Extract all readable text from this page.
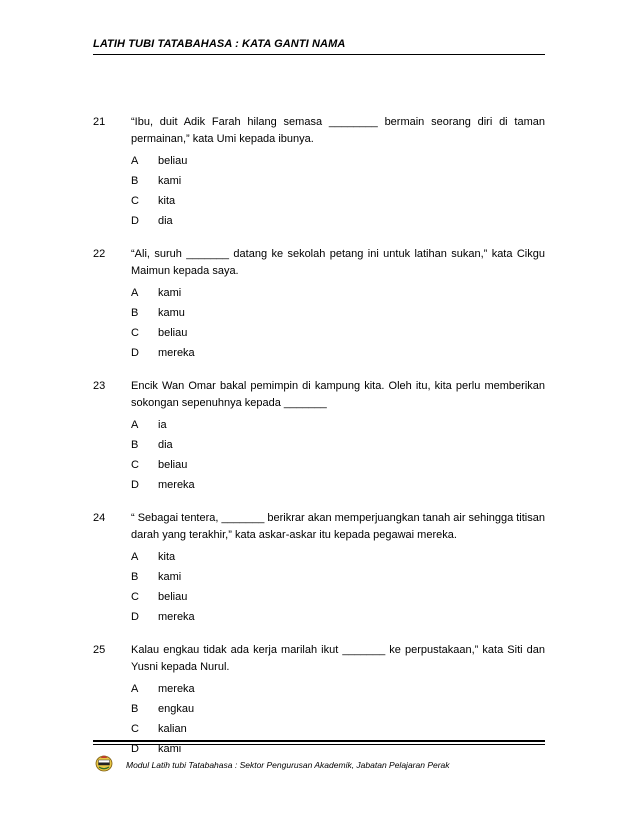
LATIH TUBI TATABAHASA : KATA GANTI NAMA
21	“Ibu, duit Adik Farah hilang semasa ________ bermain seorang diri di taman permainan,” kata Umi kepada ibunya.
A	beliau
B	kami
C	kita
D	dia
22	“Ali, suruh _______ datang ke sekolah petang ini untuk latihan sukan,” kata Cikgu Maimun kepada saya.
A	kami
B	kamu
C	beliau
D	mereka
23	Encik Wan Omar bakal pemimpin di kampung kita. Oleh itu, kita perlu memberikan sokongan sepenuhnya kepada _______
A	ia
B	dia
C	beliau
D	mereka
24	“ Sebagai tentera, _______ berikrar akan memperjuangkan tanah air sehingga titisan darah yang terakhir,” kata askar-askar itu kepada pegawai mereka.
A	kita
B	kami
C	beliau
D	mereka
25	Kalau engkau tidak ada kerja marilah ikut _______ ke perpustakaan,” kata Siti dan Yusni kepada Nurul.
A	mereka
B	engkau
C	kalian
D	kami
Modul Latih tubi Tatabahasa : Sektor Pengurusan Akademik, Jabatan Pelajaran Perak
